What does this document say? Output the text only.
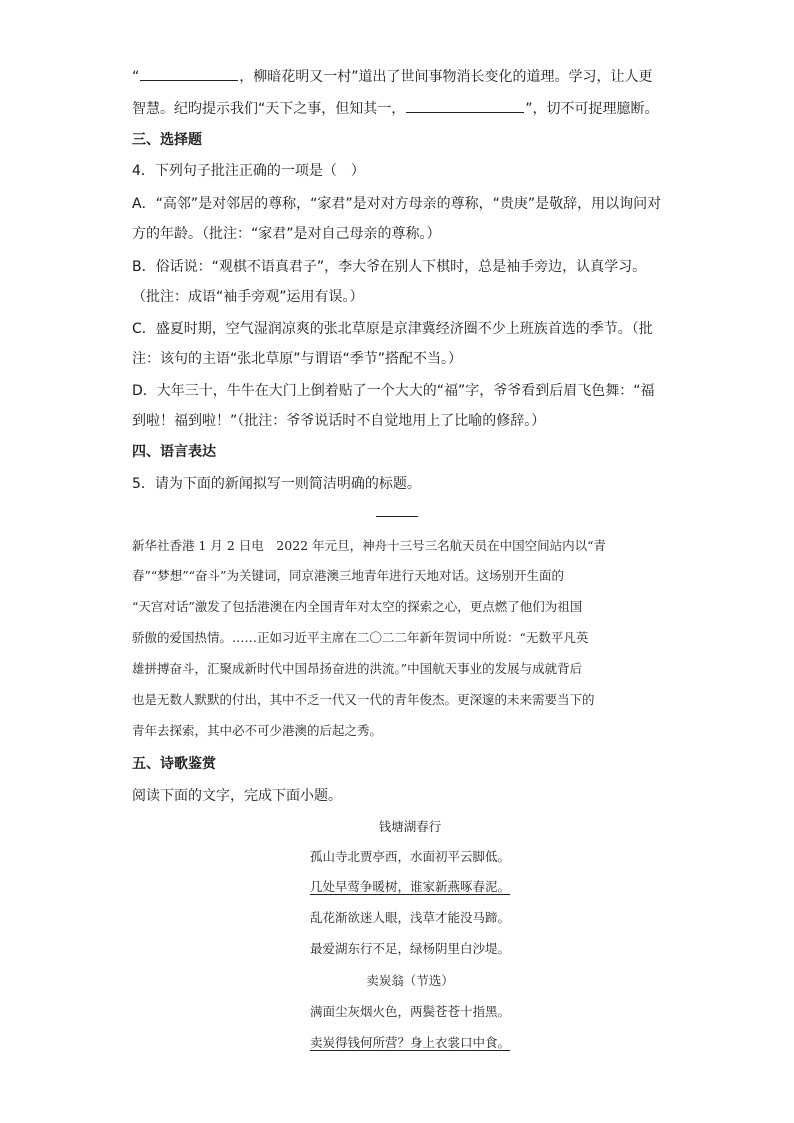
“	，柳暗花明又一村”道出了世间事物消长变化的道理。学习，让人更
智慧。纪昀提示我们“天下之事，但知其一，	”，切不可捉理臆断。
三、选择题
4．下列句子批注正确的一项是（　）
A．“高邻”是对邻居的尊称，“家君”是对对方母亲的尊称，“贵庚”是敬辞，用以询问对
方的年龄。（批注：“家君”是对自己母亲的尊称。）
B．俗话说：“观棋不语真君子”，李大爷在别人下棋时，总是袖手旁边，认真学习。
（批注：成语“袖手旁观”运用有误。）
C．盛夏时期，空气湿润凉爽的张北草原是京津冀经济圈不少上班族首选的季节。（批
注：该句的主语“张北草原”与谓语“季节”搭配不当。）
D．大年三十，牛牛在大门上倒着贴了一个大大的“福”字，爷爷看到后眉飞色舞：“福
到啦！福到啦！”（批注：爷爷说话时不自觉地用上了比喻的修辞。）
四、语言表达
5．请为下面的新闻拟写一则简洁明确的标题。
新华社香港 1 月 2 日电　2022 年元旦，神舟十三号三名航天员在中国空间站内以“青
春”“梦想”“奋斗”为关键词，同京港澳三地青年进行天地对话。这场别开生面的
“天宫对话”激发了包括港澳在内全国青年对太空的探索之心，更点燃了他们为祖国
骄傲的爱国热情。……正如习近平主席在二〇二二年新年贺词中所说：“无数平凡英
雄拼搏奋斗，汇聚成新时代中国昂扬奋进的洪流。”中国航天事业的发展与成就背后
也是无数人默默的付出，其中不乏一代又一代的青年俊杰。更深邃的未来需要当下的
青年去探索，其中必不可少港澳的后起之秀。
五、诗歌鉴赏
阅读下面的文字，完成下面小题。
钱塘湖春行
孤山寺北贾亭西，水面初平云脚低。
几处早莺争暖树，谁家新燕啄春泥。
乱花渐欲迷人眼，浅草才能没马蹄。
最爱湖东行不足，绿杨阴里白沙堤。
卖炭翁（节选）
满面尘灰烟火色，两鬓苍苍十指黑。
卖炭得钱何所营？身上衣裳口中食。
